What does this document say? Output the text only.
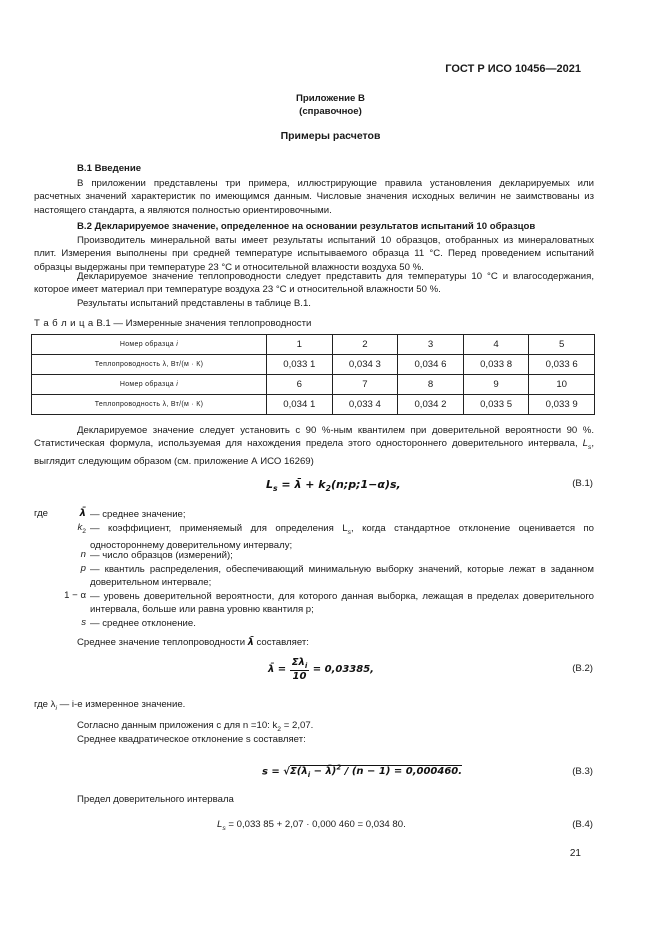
ГОСТ Р ИСО 10456—2021
Приложение В
(справочное)
Примеры расчетов
В.1 Введение
В приложении представлены три примера, иллюстрирующие правила установления декларируемых или расчетных значений характеристик по имеющимся данным. Числовые значения исходных величин не заимствованы из настоящего стандарта, а являются полностью ориентировочными.
В.2 Декларируемое значение, определенное на основании результатов испытаний 10 образцов
Производитель минеральной ваты имеет результаты испытаний 10 образцов, отобранных из минераловатных плит. Измерения выполнены при средней температуре испытываемого образца 11 °С. Перед проведением испытаний образцы выдержаны при температуре 23 °С и относительной влажности воздуха 50 %.
Декларируемое значение теплопроводности следует представить для температуры 10 °С и влагосодержания, которое имеет материал при температуре воздуха 23 °С и относительной влажности 50 %.
Результаты испытаний представлены в таблице В.1.
Т а б л и ц а В.1 — Измеренные значения теплопроводности
Номер образца i	1	2	3	4	5
Теплопроводность λ, Вт/(м · К)	0,033 1	0,034 3	0,034 6	0,033 8	0,033 6
Номер образца i	6	7	8	9	10
Теплопроводность λ, Вт/(м · К)	0,034 1	0,033 4	0,034 2	0,033 5	0,033 9
Декларируемое значение следует установить с 90 %-ным квантилем при доверительной вероятности 90 %. Статистическая формула, используемая для нахождения предела этого одностороннего доверительного интервала, $L_s$, выглядит следующим образом (см. приложение А ИСО 16269)
$L_s$ = λ̄ + $k_2(n;p;1-\alpha)s$,	(В.1)
где	λ̄ — среднее значение;
$k_2$ — коэффициент, применяемый для определения $L_s$, когда стандартное отклонение оценивается по одностороннему доверительному интервалу;
n — число образцов (измерений);
p — квантиль распределения, обеспечивающий минимальную выборку значений, которые лежат в заданном доверительном интервале;
1 − α — уровень доверительной вероятности, для которого данная выборка, лежащая в пределах доверительного интервала, больше или равна уровню квантиля p;
s — среднее отклонение.
Среднее значение теплопроводности λ̄ составляет:
λ̄ = $\frac{\Sigma\lambda_i}{10} = 0,03385$,	(В.2)
где $\lambda_i$ — i-е измеренное значение.
Согласно данным приложения с для n =10: $k_2 = 2,07$.
Среднее квадратическое отклонение s составляет:
$s = √\Sigma(\lambda_i$ − λ̄)$^2$ / (n − 1) = 0,000460.	(В.3)
Предел доверительного интервала
$L_s = 0,033$ 85 + 2,07 · 0,000 460 = 0,034 80.	(В.4)
21
